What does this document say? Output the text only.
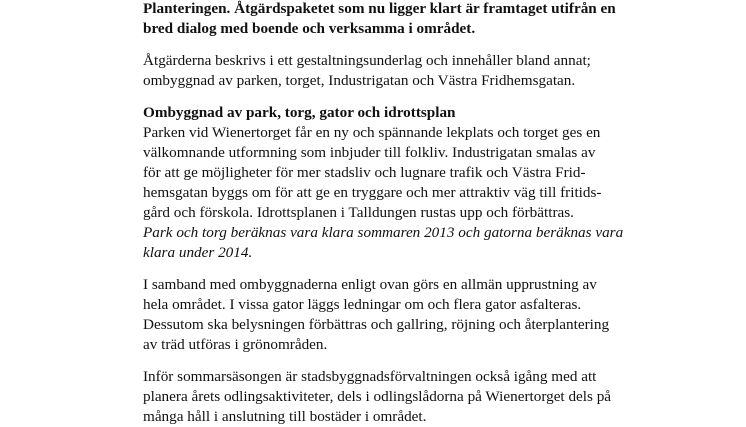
Planteringen. Åtgärdspaketet som nu ligger klart är framtaget utifrån en
bred dialog med boende och verksamma i området.
Åtgärderna beskrivs i ett gestaltningsunderlag och innehåller bland annat;
ombyggnad av parken, torget, Industrigatan och Västra Fridhemsgatan.
Ombyggnad av park, torg, gator och idrottsplan
Parken vid Wienertorget får en ny och spännande lekplats och torget ges en
välkomnande utformning som inbjuder till folkliv. Industrigatan smalas av
för att ge möjligheter för mer stadsliv och lugnare trafik och Västra Frid-
hemsgatan byggs om för att ge en tryggare och mer attraktiv väg till fritids-
gård och förskola. Idrottsplanen i Talldungen rustas upp och förbättras.
Park och torg beräknas vara klara sommaren 2013 och gatorna beräknas vara
klara under 2014.
I samband med ombyggnaderna enligt ovan görs en allmän upprustning av
hela området. I vissa gator läggs ledningar om och flera gator asfalteras.
Dessutom ska belysningen förbättras och gallring, röjning och återplantering
av träd utföras i grönområden.
Inför sommarsäsongen är stadsbyggnadsförvaltningen också igång med att
planera årets odlingsaktiviteter, dels i odlingslådorna på Wienertorget dels på
många håll i anslutning till bostäder i området.
